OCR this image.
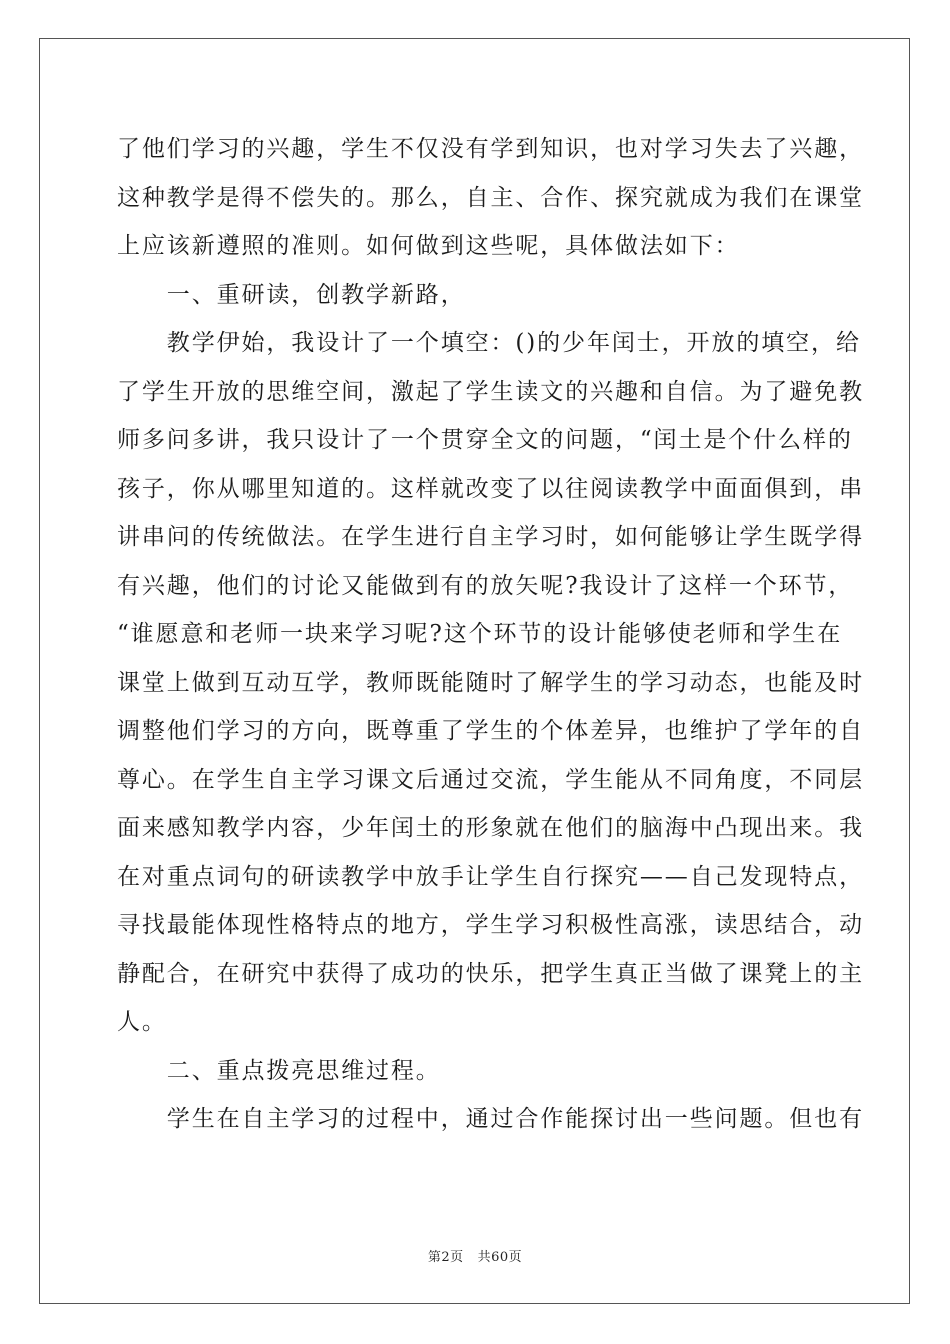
了他们学习的兴趣，学生不仅没有学到知识，也对学习失去了兴趣，
这种教学是得不偿失的。那么，自主、合作、探究就成为我们在课堂
上应该新遵照的准则。如何做到这些呢，具体做法如下：
　　一、重研读，创教学新路，
　　教学伊始，我设计了一个填空：()的少年闰士，开放的填空，给
了学生开放的思维空间，激起了学生读文的兴趣和自信。为了避免教
师多问多讲，我只设计了一个贯穿全文的问题，“闰土是个什么样的
孩子，你从哪里知道的。这样就改变了以往阅读教学中面面俱到，串
讲串问的传统做法。在学生进行自主学习时，如何能够让学生既学得
有兴趣，他们的讨论又能做到有的放矢呢?我设计了这样一个环节，
“谁愿意和老师一块来学习呢?这个环节的设计能够使老师和学生在
课堂上做到互动互学，教师既能随时了解学生的学习动态，也能及时
调整他们学习的方向，既尊重了学生的个体差异，也维护了学年的自
尊心。在学生自主学习课文后通过交流，学生能从不同角度，不同层
面来感知教学内容，少年闰土的形象就在他们的脑海中凸现出来。我
在对重点词句的研读教学中放手让学生自行探究——自己发现特点，
寻找最能体现性格特点的地方，学生学习积极性高涨，读思结合，动
静配合，在研究中获得了成功的快乐，把学生真正当做了课凳上的主
人。
　　二、重点拨亮思维过程。
　　学生在自主学习的过程中，通过合作能探讨出一些问题。但也有
第2页 共60页
